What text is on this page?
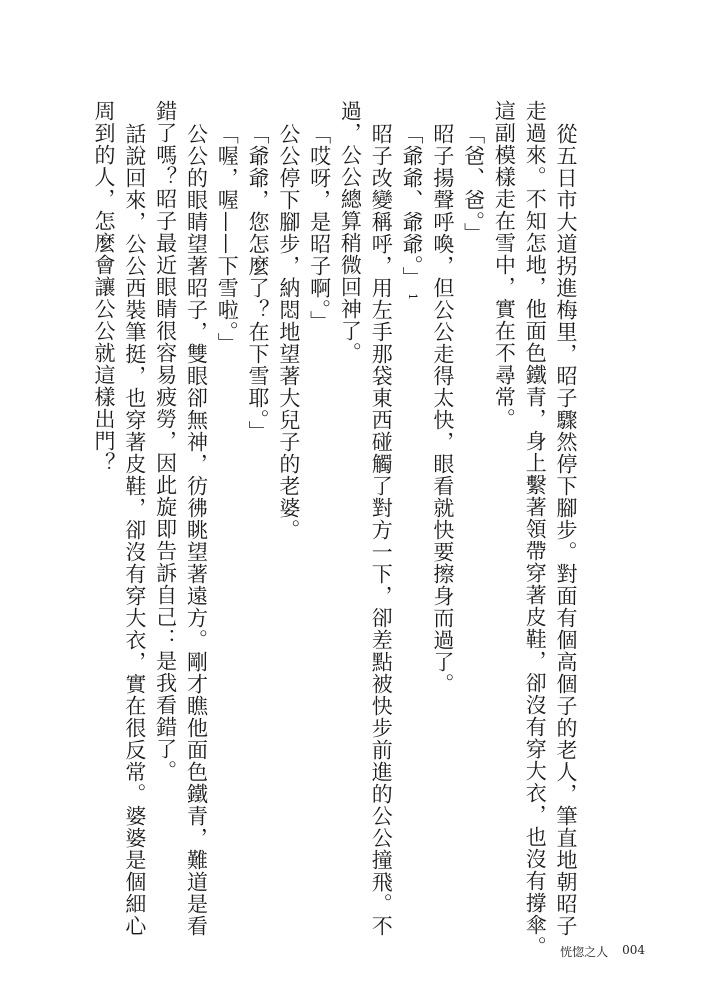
從五日市大道拐進梅里，昭子驟然停下腳步。對面有個高個子的老人，筆直地朝昭子
走過來。不知怎地，他面色鐵青，身上繫著領帶穿著皮鞋，卻沒有穿大衣，也沒有撐傘。
這副模樣走在雪中，實在不尋常。
「爸、爸。」
昭子揚聲呼喚，但公公走得太快，眼看就快要擦身而過了。
「爺爺、爺爺。」1
昭子改變稱呼，用左手那袋東西碰觸了對方一下，卻差點被快步前進的公公撞飛。不
過，公公總算稍微回神了。
「哎呀，是昭子啊。」
公公停下腳步，納悶地望著大兒子的老婆。
「爺爺，您怎麼了？在下雪耶。」
「喔，喔——下雪啦。」
公公的眼睛望著昭子，雙眼卻無神，彷彿眺望著遠方。剛才瞧他面色鐵青，難道是看
錯了嗎？昭子最近眼睛很容易疲勞，因此旋即告訴自己：是我看錯了。
話說回來，公公西裝筆挺，也穿著皮鞋，卻沒有穿大衣，實在很反常。婆婆是個細心
周到的人，怎麼會讓公公就這樣出門？
恍惚之人 004
